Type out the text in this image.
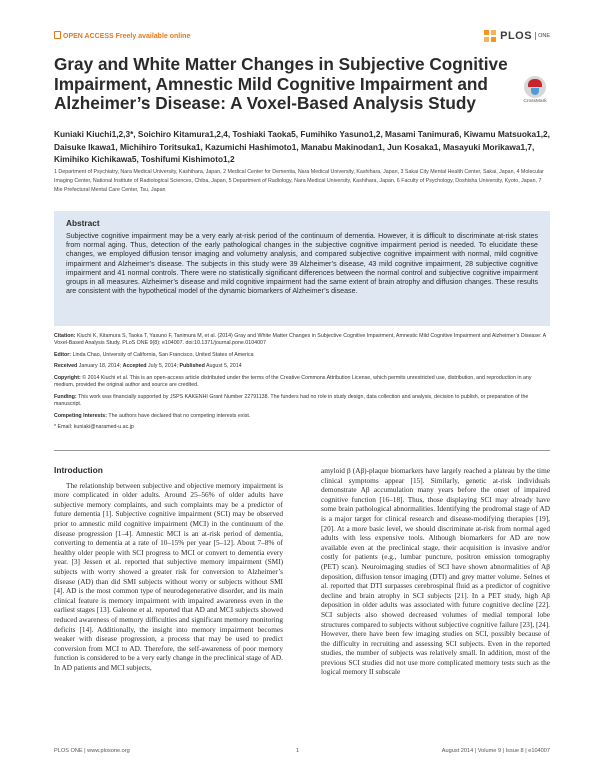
OPEN ACCESS Freely available online	PLOS	ONE
Gray and White Matter Changes in Subjective Cognitive Impairment, Amnestic Mild Cognitive Impairment and Alzheimer’s Disease: A Voxel-Based Analysis Study	CrossMark
Kuniaki Kiuchi1,2,3*, Soichiro Kitamura1,2,4, Toshiaki Taoka5, Fumihiko Yasuno1,2, Masami Tanimura6, Kiwamu Matsuoka1,2, Daisuke Ikawa1, Michihiro Toritsuka1, Kazumichi Hashimoto1, Manabu Makinodan1, Jun Kosaka1, Masayuki Morikawa1,7, Kimihiko Kichikawa5, Toshifumi Kishimoto1,2
1 Department of Psychiatry, Nara Medical University, Kashihara, Japan, 2 Medical Center for Dementia, Nara Medical University, Kashihara, Japan, 3 Sakai City Mental Health Center, Sakai, Japan, 4 Molecular Imaging Center, National Institute of Radiological Sciences, Chiba, Japan, 5 Department of Radiology, Nara Medical University, Kashihara, Japan, 6 Faculty of Psychology, Doshisha University, Kyoto, Japan, 7 Mie Prefectural Mental Care Center, Tsu, Japan
Abstract
Subjective cognitive impairment may be a very early at-risk period of the continuum of dementia. However, it is difficult to discriminate at-risk states from normal aging. Thus, detection of the early pathological changes in the subjective cognitive impairment period is needed. To elucidate these changes, we employed diffusion tensor imaging and volumetry analysis, and compared subjective cognitive impairment with normal, mild cognitive impairment and Alzheimer’s disease. The subjects in this study were 39 Alzheimer’s disease, 43 mild cognitive impairment, 28 subjective cognitive impairment and 41 normal controls. There were no statistically significant differences between the normal control and subjective cognitive impairment groups in all measures. Alzheimer’s disease and mild cognitive impairment had the same extent of brain atrophy and diffusion changes. These results are consistent with the hypothetical model of the dynamic biomarkers of Alzheimer’s disease.

Citation: Kiuchi K, Kitamura S, Taoka T, Yasuno F, Tanimura M, et al. (2014) Gray and White Matter Changes in Subjective Cognitive Impairment, Amnestic Mild Cognitive Impairment and Alzheimer’s Disease: A Voxel-Based Analysis Study. PLoS ONE 9(8): e104007. doi:10.1371/journal.pone.0104007

Editor: Linda Chao, University of California, San Francisco, United States of America

Received January 18, 2014; Accepted July 5, 2014; Published August 5, 2014

Copyright: © 2014 Kiuchi et al. This is an open-access article distributed under the terms of the Creative Commons Attribution License, which permits unrestricted use, distribution, and reproduction in any medium, provided the original author and source are credited.

Funding: This work was financially supported by JSPS KAKENHI Grant Number 22791138. The funders had no role in study design, data collection and analysis, decision to publish, or preparation of the manuscript.

Competing Interests: The authors have declared that no competing interests exist.

* Email: kuniaki@naramed-u.ac.jp

Introduction
The relationship between subjective and objective memory impairment is more complicated in older adults. Around 25–56% of older adults have subjective memory complaints, and such complaints may be a predictor of future dementia [1]. Subjective cognitive impairment (SCI) may be observed prior to amnestic mild cognitive impairment (MCI) in the continuum of the disease progression [1–4]. Amnestic MCI is an at-risk period of dementia, converting to dementia at a rate of 10–15% per year [5–12]. About 7–8% of healthy older people with SCI progress to MCI or convert to dementia every year. [3] Jessen et al. reported that subjective memory impairment (SMI) subjects with worry showed a greater risk for conversion to Alzheimer’s disease (AD) than did SMI subjects without worry or subjects without SMI [4]. AD is the most common type of neurodegenerative disorder, and its main clinical feature is memory impairment with impaired awareness even in the earliest stages [13]. Galeone et al. reported that AD and MCI subjects showed reduced awareness of memory difficulties and significant memory monitoring deficits [14]. Additionally, the insight into memory impairment becomes weaker with disease progression, a process that may be used to predict conversion from MCI to AD. Therefore, the self-awareness of poor memory function is considered to be a very early change in the preclinical stage of AD. In AD patients and MCI subjects,
amyloid β (Aβ)-plaque biomarkers have largely reached a plateau by the time clinical symptoms appear [15]. Similarly, genetic at-risk individuals demonstrate Aβ accumulation many years before the onset of impaired cognitive function [16–18]. Thus, those displaying SCI may already have some brain pathological abnormalities. Identifying the prodromal stage of AD is a major target for clinical research and disease-modifying therapies [19], [20]. At a more basic level, we should discriminate at-risk from normal aged adults with less expensive tools. Although biomarkers for AD are now available even at the preclinical stage, their acquisition is invasive and/or costly for patients (e.g., lumbar puncture, positron emission tomography (PET) scan). Neuroimaging studies of SCI have shown abnormalities of Aβ deposition, diffusion tensor imaging (DTI) and grey matter volume. Selnes et al. reported that DTI surpasses cerebrospinal fluid as a predictor of cognitive decline and brain atrophy in SCI subjects [21]. In a PET study, high Aβ deposition in older adults was associated with future cognitive decline [22]. SCI subjects also showed decreased volumes of medial temporal lobe structures compared to subjects without subjective cognitive failure [23], [24]. However, there have been few imaging studies on SCI, possibly because of the difficulty in recruiting and assessing SCI subjects. Even in the reported studies, the number of subjects was relatively small. In addition, most of the previous SCI studies did not use more complicated memory tests such as the logical memory II subscale
PLOS ONE | www.plosone.org	1	August 2014 | Volume 9 | Issue 8 | e104007
